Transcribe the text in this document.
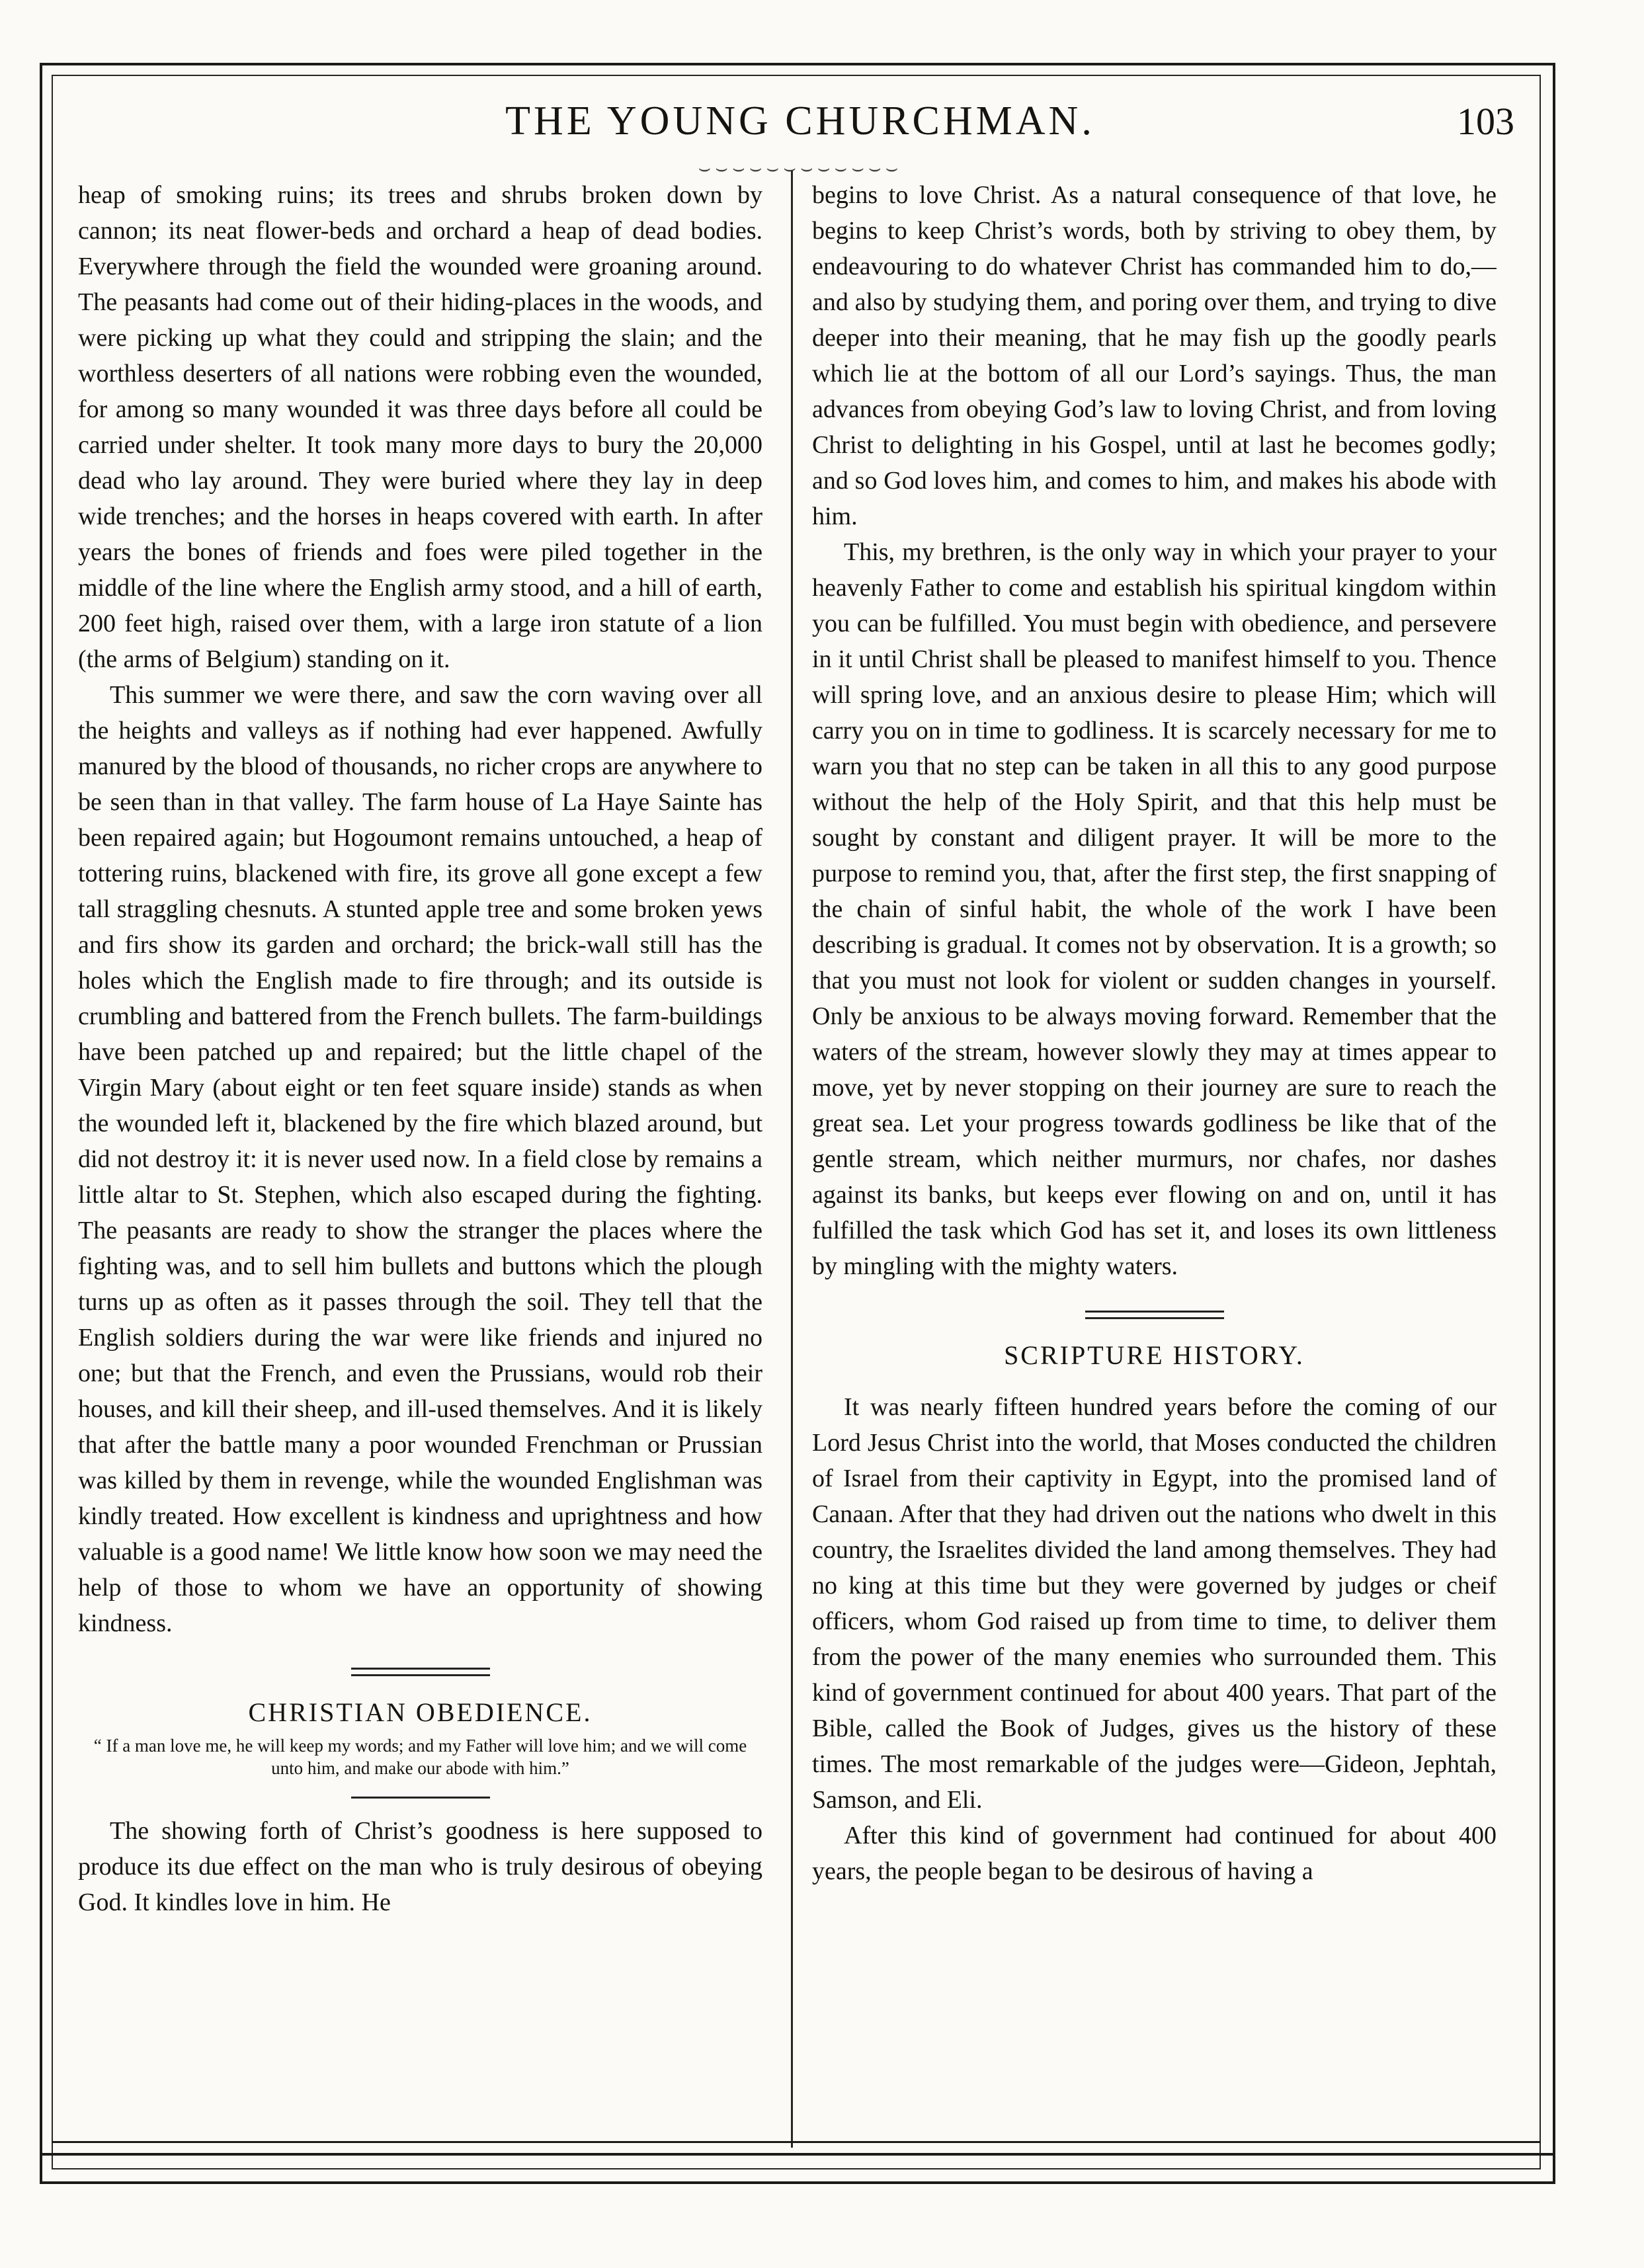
THE YOUNG CHURCHMAN.	103
⌣⌣⌣⌣⌣⌣⌣⌣⌣⌣⌣⌣

heap of smoking ruins; its trees and shrubs broken down by cannon; its neat flower-beds and orchard a heap of dead bodies. Everywhere through the field the wounded were groaning around. The peasants had come out of their hiding-places in the woods, and were picking up what they could and stripping the slain; and the worthless deserters of all nations were robbing even the wounded, for among so many wounded it was three days before all could be carried under shelter. It took many more days to bury the 20,000 dead who lay around. They were buried where they lay in deep wide trenches; and the horses in heaps covered with earth. In after years the bones of friends and foes were piled together in the middle of the line where the English army stood, and a hill of earth, 200 feet high, raised over them, with a large iron statute of a lion (the arms of Belgium) standing on it.

This summer we were there, and saw the corn waving over all the heights and valleys as if nothing had ever happened. Awfully manured by the blood of thousands, no richer crops are anywhere to be seen than in that valley. The farm house of La Haye Sainte has been repaired again; but Hogoumont remains untouched, a heap of tottering ruins, blackened with fire, its grove all gone except a few tall straggling chesnuts. A stunted apple tree and some broken yews and firs show its garden and orchard; the brick-wall still has the holes which the English made to fire through; and its outside is crumbling and battered from the French bullets. The farm-buildings have been patched up and repaired; but the little chapel of the Virgin Mary (about eight or ten feet square inside) stands as when the wounded left it, blackened by the fire which blazed around, but did not destroy it: it is never used now. In a field close by remains a little altar to St. Stephen, which also escaped during the fighting. The peasants are ready to show the stranger the places where the fighting was, and to sell him bullets and buttons which the plough turns up as often as it passes through the soil. They tell that the English soldiers during the war were like friends and injured no one; but that the French, and even the Prussians, would rob their houses, and kill their sheep, and ill-used themselves. And it is likely that after the battle many a poor wounded Frenchman or Prussian was killed by them in revenge, while the wounded Englishman was kindly treated. How excellent is kindness and uprightness and how valuable is a good name! We little know how soon we may need the help of those to whom we have an opportunity of showing kindness.

CHRISTIAN OBEDIENCE.
“ If a man love me, he will keep my words; and my Father will love him; and we will come unto him, and make our abode with him.”

The showing forth of Christ’s goodness is here supposed to produce its due effect on the man who is truly desirous of obeying God. It kindles love in him. He

begins to love Christ. As a natural consequence of that love, he begins to keep Christ’s words, both by striving to obey them, by endeavouring to do whatever Christ has commanded him to do,—and also by studying them, and poring over them, and trying to dive deeper into their meaning, that he may fish up the goodly pearls which lie at the bottom of all our Lord’s sayings. Thus, the man advances from obeying God’s law to loving Christ, and from loving Christ to delighting in his Gospel, until at last he becomes godly; and so God loves him, and comes to him, and makes his abode with him.

This, my brethren, is the only way in which your prayer to your heavenly Father to come and establish his spiritual kingdom within you can be fulfilled. You must begin with obedience, and persevere in it until Christ shall be pleased to manifest himself to you. Thence will spring love, and an anxious desire to please Him; which will carry you on in time to godliness. It is scarcely necessary for me to warn you that no step can be taken in all this to any good purpose without the help of the Holy Spirit, and that this help must be sought by constant and diligent prayer. It will be more to the purpose to remind you, that, after the first step, the first snapping of the chain of sinful habit, the whole of the work I have been describing is gradual. It comes not by observation. It is a growth; so that you must not look for violent or sudden changes in yourself. Only be anxious to be always moving forward. Remember that the waters of the stream, however slowly they may at times appear to move, yet by never stopping on their journey are sure to reach the great sea. Let your progress towards godliness be like that of the gentle stream, which neither murmurs, nor chafes, nor dashes against its banks, but keeps ever flowing on and on, until it has fulfilled the task which God has set it, and loses its own littleness by mingling with the mighty waters.

SCRIPTURE HISTORY.

It was nearly fifteen hundred years before the coming of our Lord Jesus Christ into the world, that Moses conducted the children of Israel from their captivity in Egypt, into the promised land of Canaan. After that they had driven out the nations who dwelt in this country, the Israelites divided the land among themselves. They had no king at this time but they were governed by judges or cheif officers, whom God raised up from time to time, to deliver them from the power of the many enemies who surrounded them. This kind of government continued for about 400 years. That part of the Bible, called the Book of Judges, gives us the history of these times. The most remarkable of the judges were—Gideon, Jephtah, Samson, and Eli.

After this kind of government had continued for about 400 years, the people began to be desirous of having a
